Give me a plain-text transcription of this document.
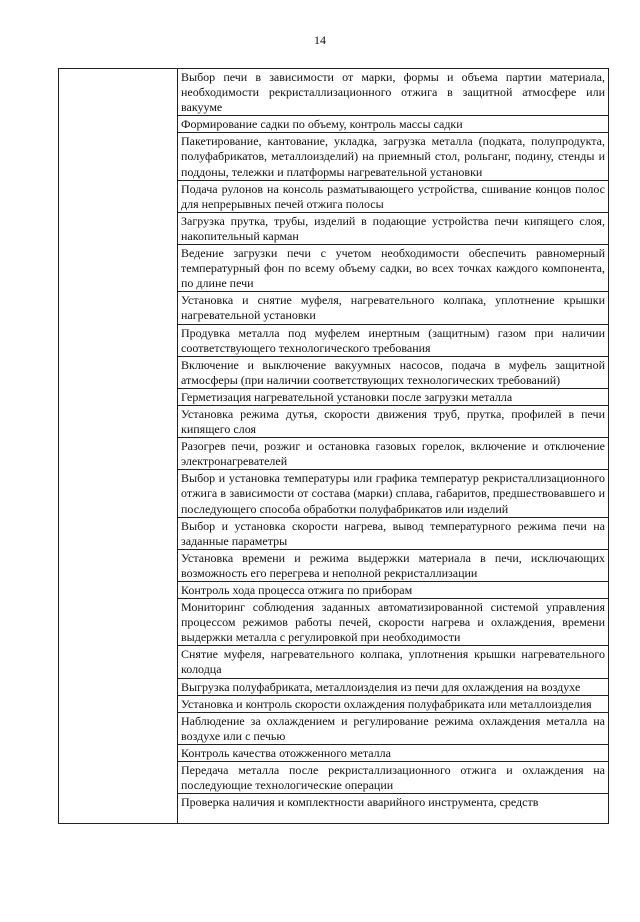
14
	Выбор печи в зависимости от марки, формы и объема партии материала, необходимости рекристаллизационного отжига в защитной атмосфере или вакууме
Формирование садки по объему, контроль массы садки
Пакетирование, кантование, укладка, загрузка металла (подката, полупродукта, полуфабрикатов, металлоизделий) на приемный стол, рольганг, подину, стенды и поддоны, тележки и платформы нагревательной установки
Подача рулонов на консоль разматывающего устройства, сшивание концов полос для непрерывных печей отжига полосы
Загрузка прутка, трубы, изделий в подающие устройства печи кипящего слоя, накопительный карман
Ведение загрузки печи с учетом необходимости обеспечить равномерный температурный фон по всему объему садки, во всех точках каждого компонента, по длине печи
Установка и снятие муфеля, нагревательного колпака, уплотнение крышки нагревательной установки
Продувка металла под муфелем инертным (защитным) газом при наличии соответствующего технологического требования
Включение и выключение вакуумных насосов, подача в муфель защитной атмосферы (при наличии соответствующих технологических требований)
Герметизация нагревательной установки после загрузки металла
Установка режима дутья, скорости движения труб, прутка, профилей в печи кипящего слоя
Разогрев печи, розжиг и остановка газовых горелок, включение и отключение электронагревателей
Выбор и установка температуры или графика температур рекристаллизационного отжига в зависимости от состава (марки) сплава, габаритов, предшествовавшего и последующего способа обработки полуфабрикатов или изделий
Выбор и установка скорости нагрева, вывод температурного режима печи на заданные параметры
Установка времени и режима выдержки материала в печи, исключающих возможность его перегрева и неполной рекристаллизации
Контроль хода процесса отжига по приборам
Мониторинг соблюдения заданных автоматизированной системой управления процессом режимов работы печей, скорости нагрева и охлаждения, времени выдержки металла с регулировкой при необходимости
Снятие муфеля, нагревательного колпака, уплотнения крышки нагревательного колодца
Выгрузка полуфабриката, металлоизделия из печи для охлаждения на воздухе
Установка и контроль скорости охлаждения полуфабриката или металлоизделия
Наблюдение за охлаждением и регулирование режима охлаждения металла на воздухе или с печью
Контроль качества отожженного металла
Передача металла после рекристаллизационного отжига и охлаждения на последующие технологические операции
Проверка наличия и комплектности аварийного инструмента, средств
